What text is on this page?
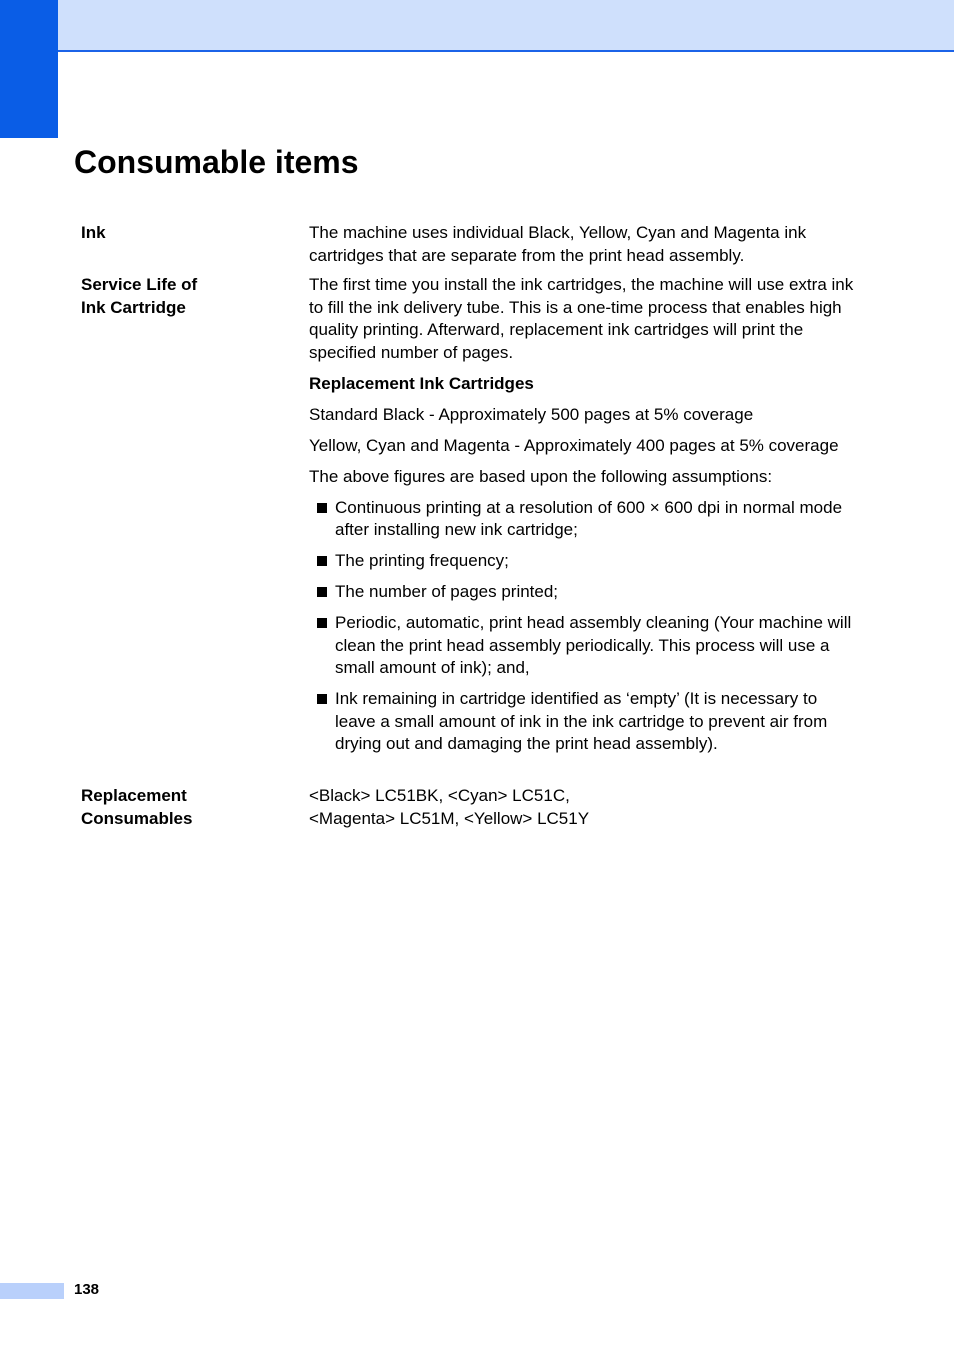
Consumable items
Ink	The machine uses individual Black, Yellow, Cyan and Magenta ink cartridges that are separate from the print head assembly.

Service Life of
Ink Cartridge

The first time you install the ink cartridges, the machine will use extra ink to fill the ink delivery tube. This is a one-time process that enables high quality printing. Afterward, replacement ink cartridges will print the specified number of pages.

Replacement Ink Cartridges

Standard Black - Approximately 500 pages at 5% coverage

Yellow, Cyan and Magenta - Approximately 400 pages at 5% coverage

The above figures are based upon the following assumptions:

Continuous printing at a resolution of 600 × 600 dpi in normal mode after installing new ink cartridge;
The printing frequency;
The number of pages printed;
Periodic, automatic, print head assembly cleaning (Your machine will clean the print head assembly periodically. This process will use a small amount of ink); and,
Ink remaining in cartridge identified as ‘empty’ (It is necessary to leave a small amount of ink in the ink cartridge to prevent air from drying out and damaging the print head assembly).
Replacement
Consumables
<Black> LC51BK, <Cyan> LC51C,
<Magenta> LC51M, <Yellow> LC51Y
138
